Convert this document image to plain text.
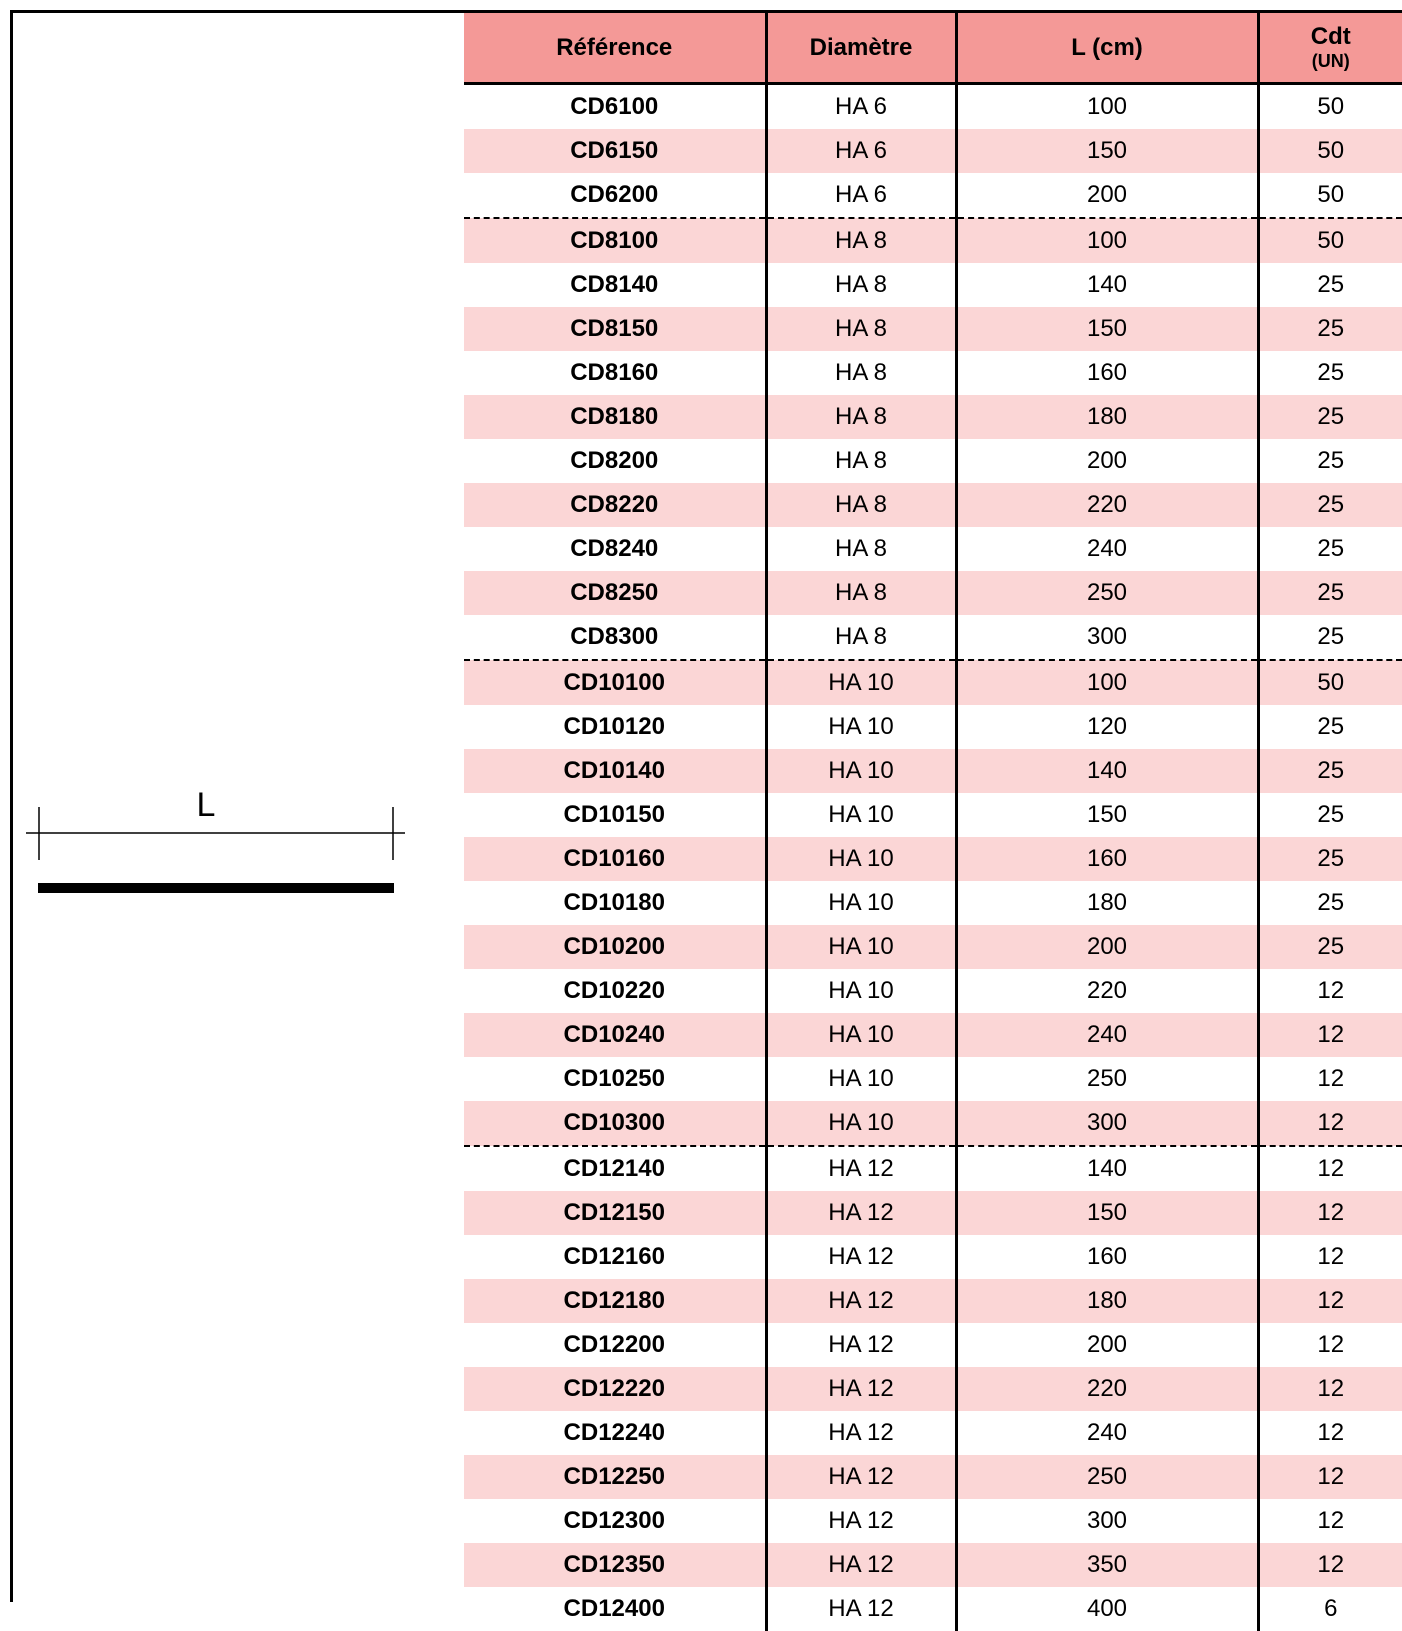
L
Référence	Diamètre	L (cm)	Cdt
(UN)

CD6100	HA 6	100	50
CD6150	HA 6	150	50
CD6200	HA 6	200	50
CD8100	HA 8	100	50
CD8140	HA 8	140	25
CD8150	HA 8	150	25
CD8160	HA 8	160	25
CD8180	HA 8	180	25
CD8200	HA 8	200	25
CD8220	HA 8	220	25
CD8240	HA 8	240	25
CD8250	HA 8	250	25
CD8300	HA 8	300	25
CD10100	HA 10	100	50
CD10120	HA 10	120	25
CD10140	HA 10	140	25
CD10150	HA 10	150	25
CD10160	HA 10	160	25
CD10180	HA 10	180	25
CD10200	HA 10	200	25
CD10220	HA 10	220	12
CD10240	HA 10	240	12
CD10250	HA 10	250	12
CD10300	HA 10	300	12
CD12140	HA 12	140	12
CD12150	HA 12	150	12
CD12160	HA 12	160	12
CD12180	HA 12	180	12
CD12200	HA 12	200	12
CD12220	HA 12	220	12
CD12240	HA 12	240	12
CD12250	HA 12	250	12
CD12300	HA 12	300	12
CD12350	HA 12	350	12
CD12400	HA 12	400	6
